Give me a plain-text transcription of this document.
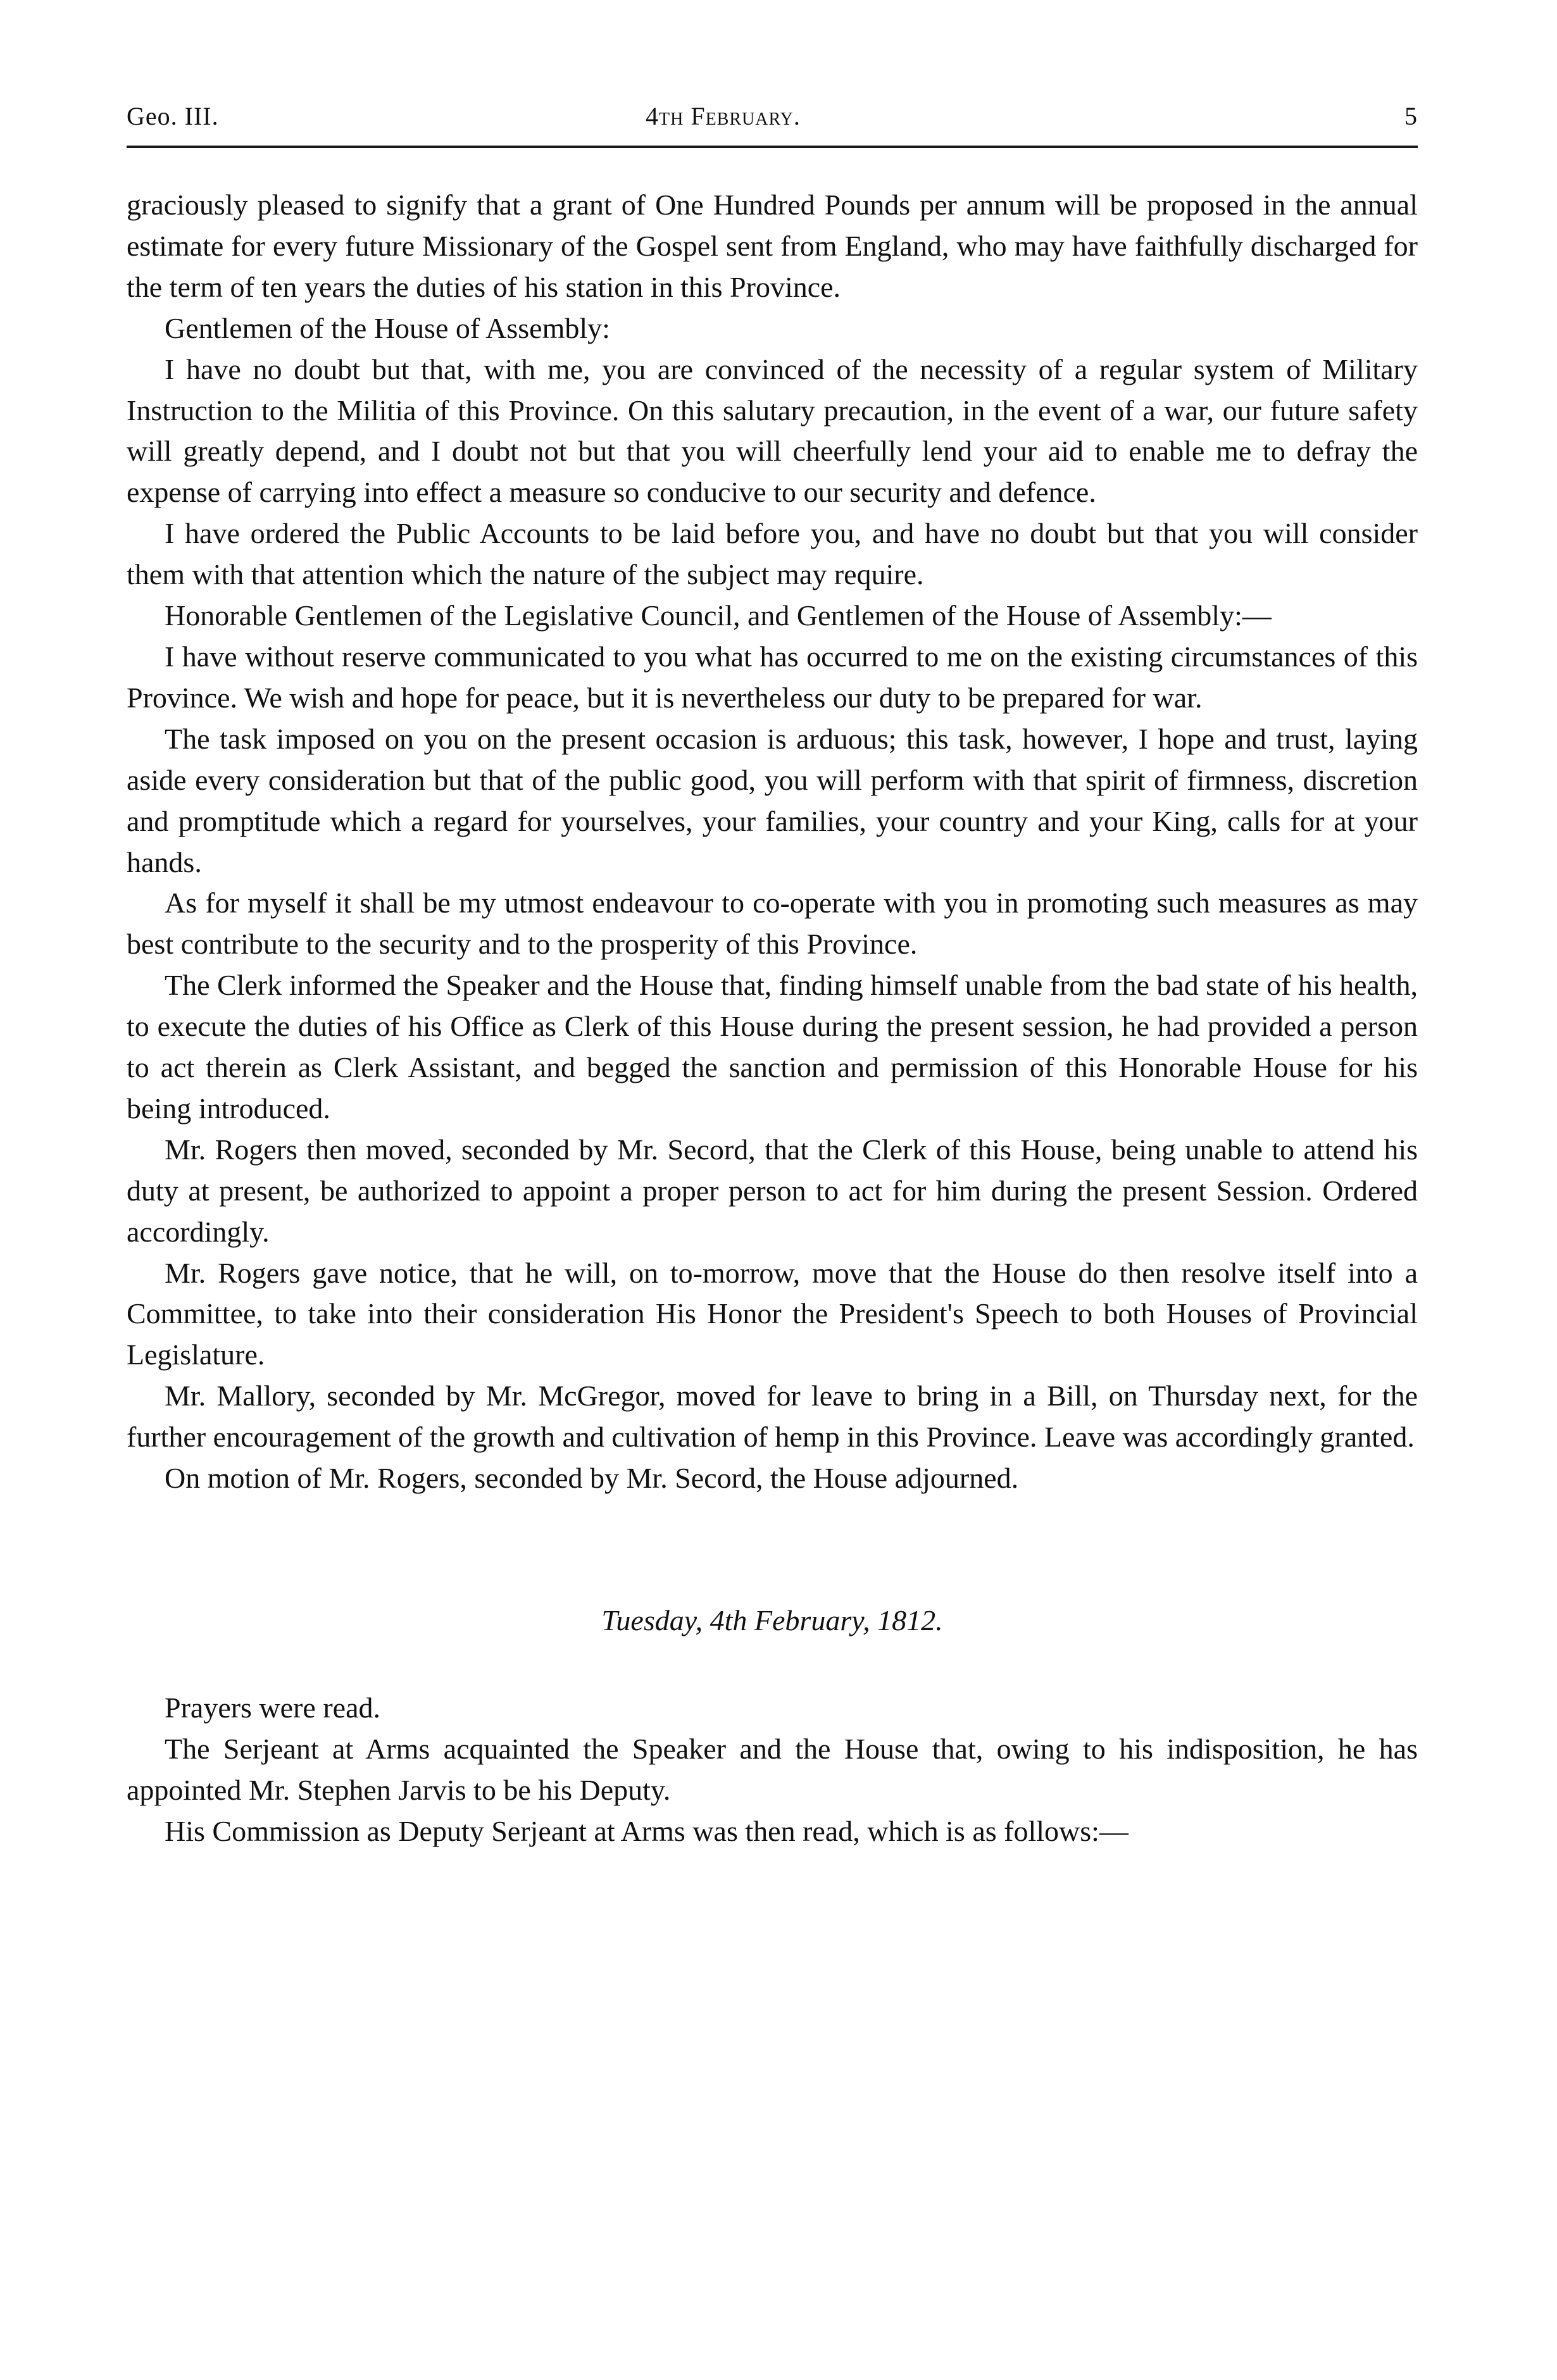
Geo. III.	4th February.	5

graciously pleased to signify that a grant of One Hundred Pounds per annum will be proposed in the annual estimate for every future Missionary of the Gospel sent from England, who may have faithfully discharged for the term of ten years the duties of his station in this Province.

Gentlemen of the House of Assembly:

I have no doubt but that, with me, you are convinced of the necessity of a regular system of Military Instruction to the Militia of this Province. On this salutary precaution, in the event of a war, our future safety will greatly depend, and I doubt not but that you will cheerfully lend your aid to enable me to defray the expense of carrying into effect a measure so conducive to our security and defence.

I have ordered the Public Accounts to be laid before you, and have no doubt but that you will consider them with that attention which the nature of the subject may require.

Honorable Gentlemen of the Legislative Council, and Gentlemen of the House of Assembly:—

I have without reserve communicated to you what has occurred to me on the existing circumstances of this Province. We wish and hope for peace, but it is nevertheless our duty to be prepared for war.

The task imposed on you on the present occasion is arduous; this task, however, I hope and trust, laying aside every consideration but that of the public good, you will perform with that spirit of firmness, discretion and promptitude which a regard for yourselves, your families, your country and your King, calls for at your hands.

As for myself it shall be my utmost endeavour to co-operate with you in promoting such measures as may best contribute to the security and to the prosperity of this Province.

The Clerk informed the Speaker and the House that, finding himself unable from the bad state of his health, to execute the duties of his Office as Clerk of this House during the present session, he had provided a person to act therein as Clerk Assistant, and begged the sanction and permission of this Honorable House for his being introduced.

Mr. Rogers then moved, seconded by Mr. Secord, that the Clerk of this House, being unable to attend his duty at present, be authorized to appoint a proper person to act for him during the present Session. Ordered accordingly.

Mr. Rogers gave notice, that he will, on to-morrow, move that the House do then resolve itself into a Committee, to take into their consideration His Honor the President's Speech to both Houses of Provincial Legislature.

Mr. Mallory, seconded by Mr. McGregor, moved for leave to bring in a Bill, on Thursday next, for the further encouragement of the growth and cultivation of hemp in this Province. Leave was accordingly granted.

On motion of Mr. Rogers, seconded by Mr. Secord, the House adjourned.

Tuesday, 4th February, 1812.

Prayers were read.

The Serjeant at Arms acquainted the Speaker and the House that, owing to his indisposition, he has appointed Mr. Stephen Jarvis to be his Deputy.

His Commission as Deputy Serjeant at Arms was then read, which is as follows:—
